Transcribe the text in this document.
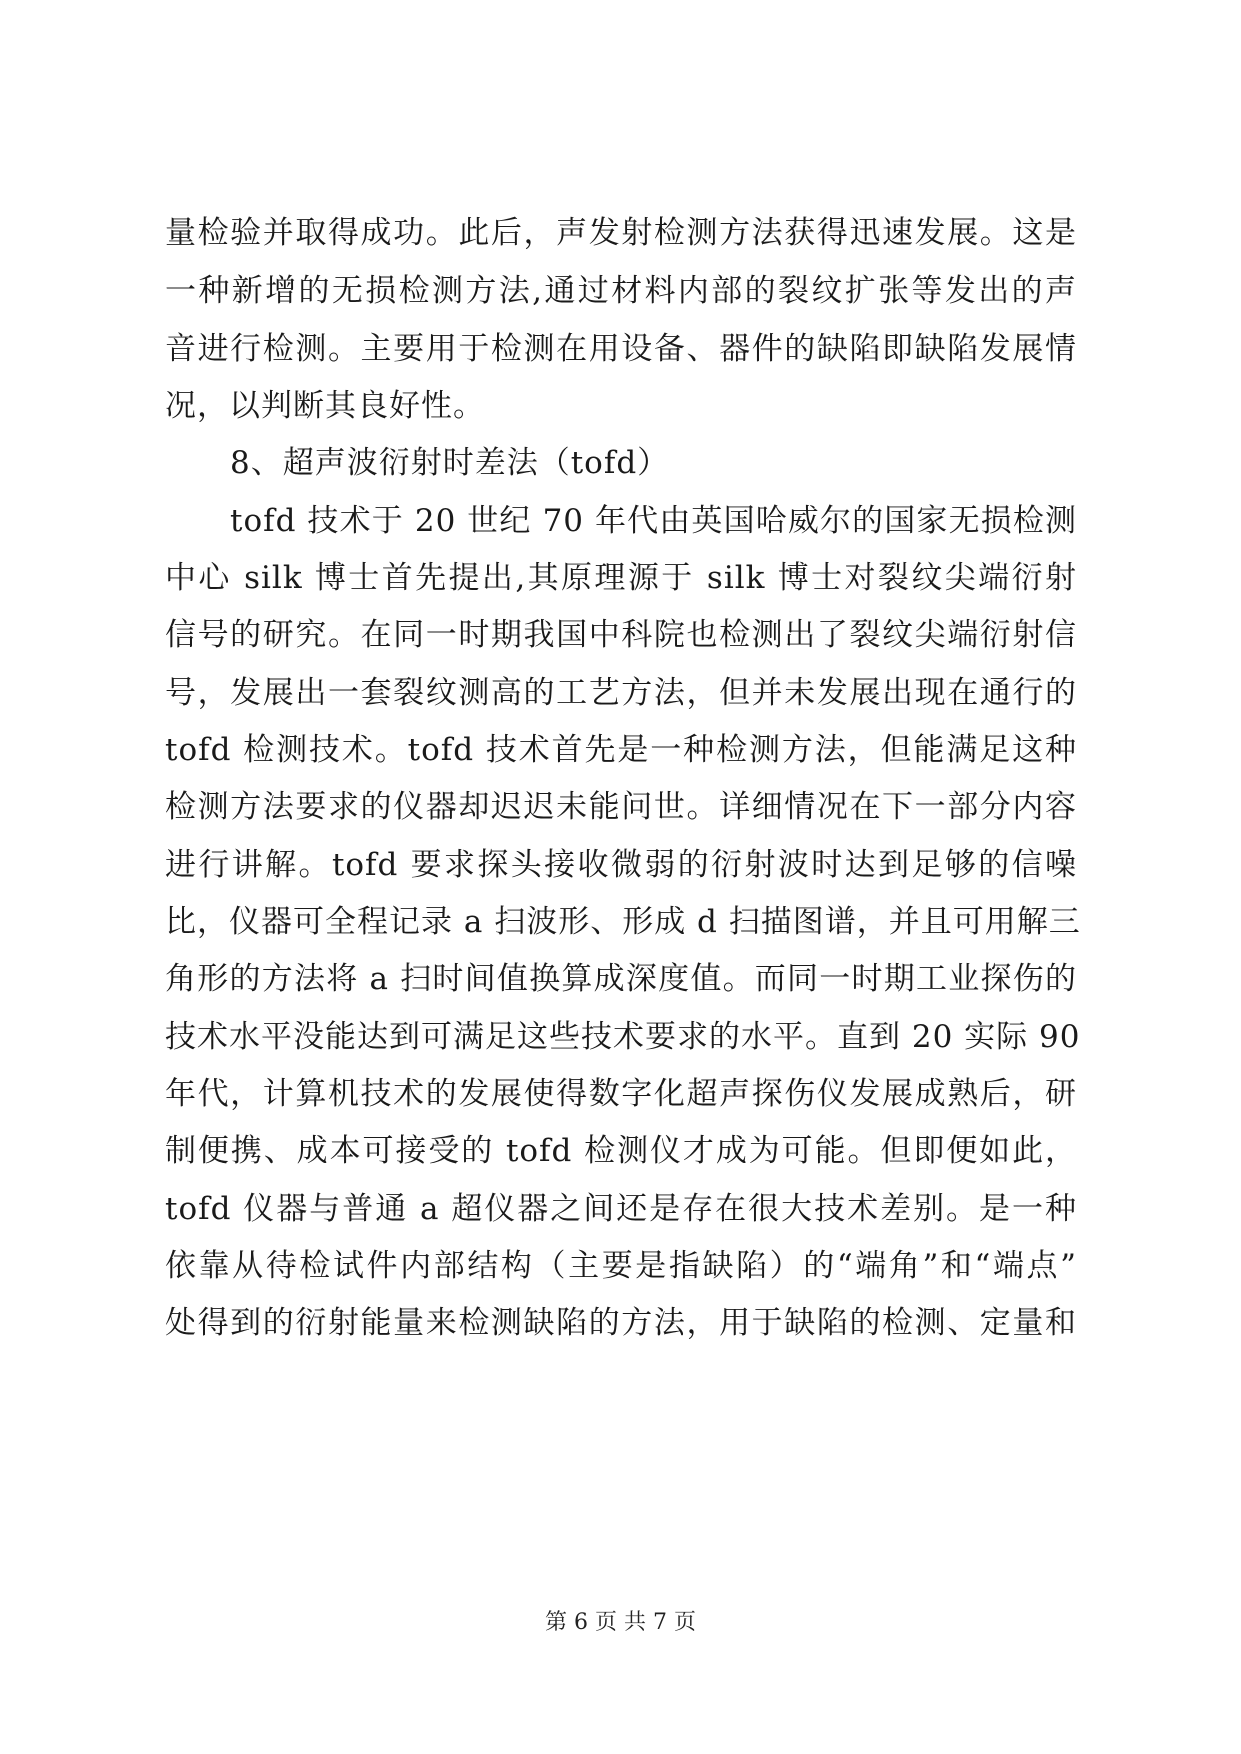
量检验并取得成功。此后，声发射检测方法获得迅速发展。这是
一种新增的无损检测方法,通过材料内部的裂纹扩张等发出的声
音进行检测。主要用于检测在用设备、器件的缺陷即缺陷发展情
况，以判断其良好性。
8、超声波衍射时差法（tofd）
tofd 技术于 20 世纪 70 年代由英国哈威尔的国家无损检测
中心 silk 博士首先提出,其原理源于 silk 博士对裂纹尖端衍射
信号的研究。在同一时期我国中科院也检测出了裂纹尖端衍射信
号，发展出一套裂纹测高的工艺方法，但并未发展出现在通行的
tofd 检测技术。tofd 技术首先是一种检测方法，但能满足这种
检测方法要求的仪器却迟迟未能问世。详细情况在下一部分内容
进行讲解。tofd 要求探头接收微弱的衍射波时达到足够的信噪
比，仪器可全程记录 a 扫波形、形成 d 扫描图谱，并且可用解三
角形的方法将 a 扫时间值换算成深度值。而同一时期工业探伤的
技术水平没能达到可满足这些技术要求的水平。直到 20 实际 90
年代，计算机技术的发展使得数字化超声探伤仪发展成熟后，研
制便携、成本可接受的 tofd 检测仪才成为可能。但即便如此，
tofd 仪器与普通 a 超仪器之间还是存在很大技术差别。是一种
依靠从待检试件内部结构（主要是指缺陷）的“端角”和“端点”
处得到的衍射能量来检测缺陷的方法，用于缺陷的检测、定量和
第 6 页 共 7 页
